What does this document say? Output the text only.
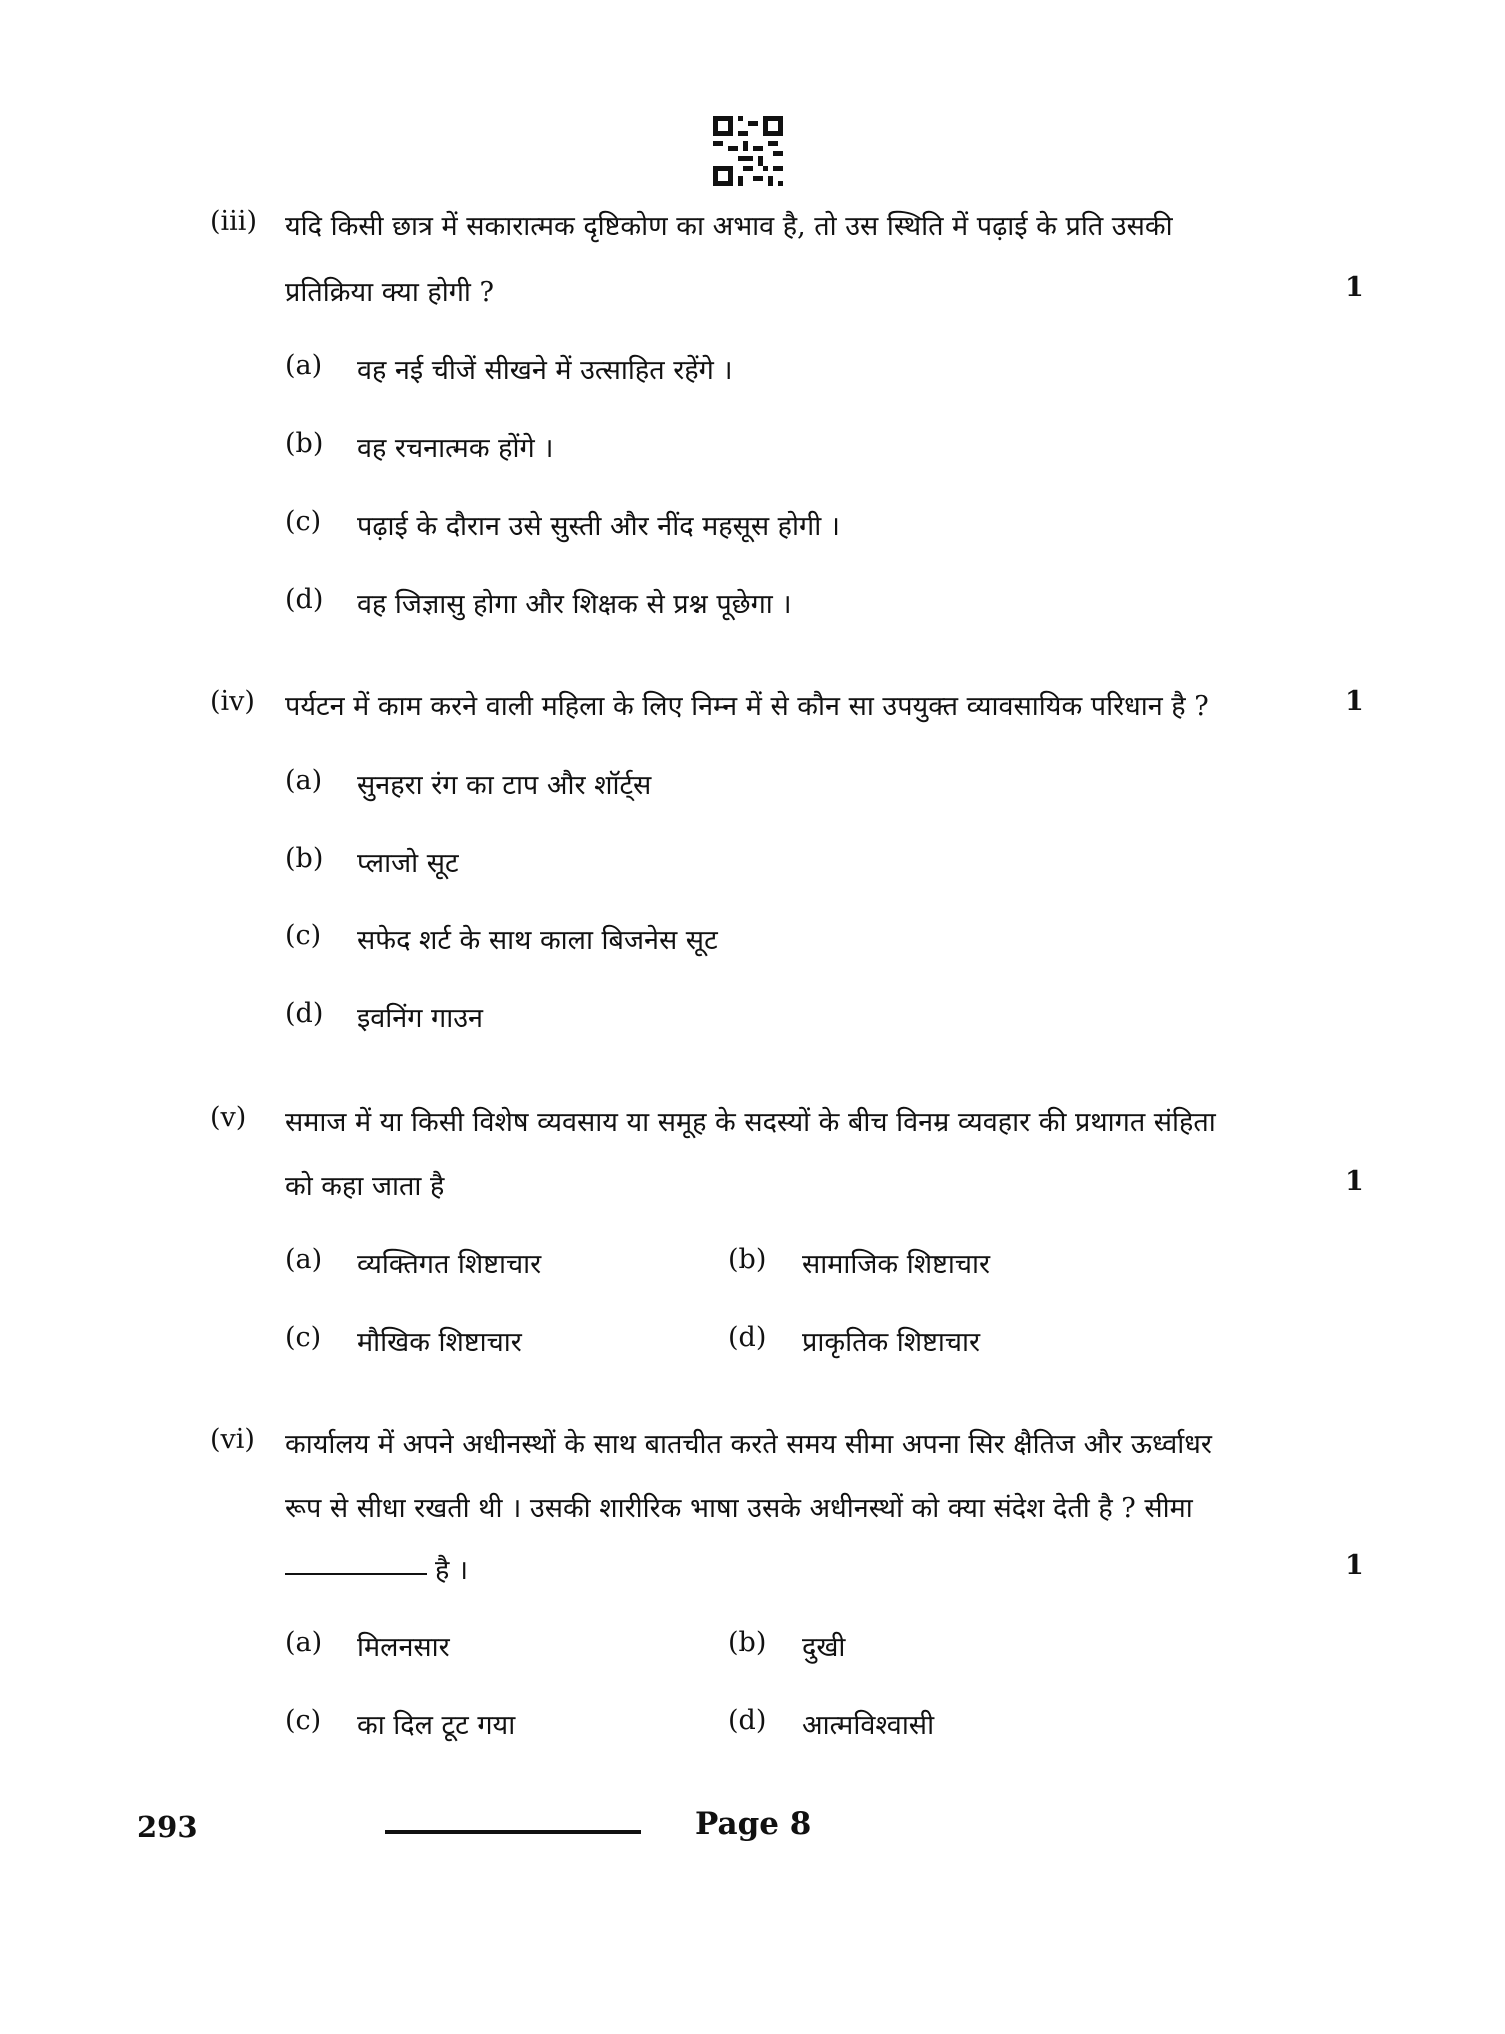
(iii) यदि किसी छात्र में सकारात्मक दृष्टिकोण का अभाव है, तो उस स्थिति में पढ़ाई के प्रति उसकी
प्रतिक्रिया क्या होगी ?	1
(a) वह नई चीजें सीखने में उत्साहित रहेंगे ।
(b) वह रचनात्मक होंगे ।
(c) पढ़ाई के दौरान उसे सुस्ती और नींद महसूस होगी ।
(d) वह जिज्ञासु होगा और शिक्षक से प्रश्न पूछेगा ।
(iv) पर्यटन में काम करने वाली महिला के लिए निम्न में से कौन सा उपयुक्त व्यावसायिक परिधान है ?	1
(a) सुनहरा रंग का टाप और शॉर्ट्स
(b) प्लाजो सूट
(c) सफेद शर्ट के साथ काला बिजनेस सूट
(d) इवनिंग गाउन
(v) समाज में या किसी विशेष व्यवसाय या समूह के सदस्यों के बीच विनम्र व्यवहार की प्रथागत संहिता
को कहा जाता है	1
(a) व्यक्तिगत शिष्टाचार	(b) सामाजिक शिष्टाचार
(c) मौखिक शिष्टाचार	(d) प्राकृतिक शिष्टाचार
(vi) कार्यालय में अपने अधीनस्थों के साथ बातचीत करते समय सीमा अपना सिर क्षैतिज और ऊर्ध्वाधर
रूप से सीधा रखती थी । उसकी शारीरिक भाषा उसके अधीनस्थों को क्या संदेश देती है ? सीमा
है ।	1
(a) मिलनसार	(b) दुखी
(c) का दिल टूट गया	(d) आत्मविश्वासी
293	Page 8
